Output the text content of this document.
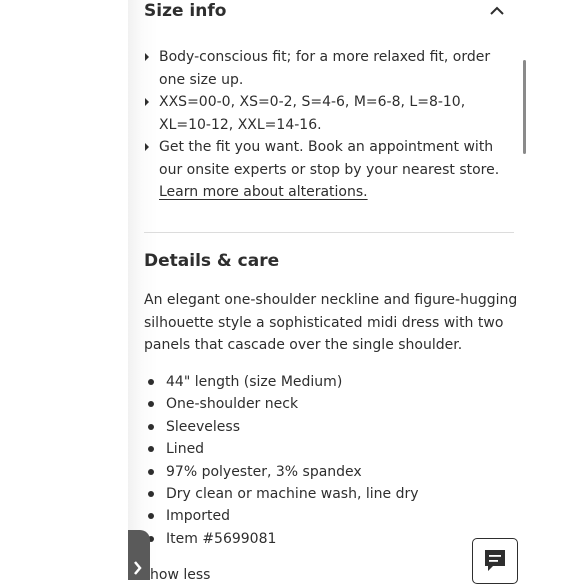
Size info
Body-conscious fit; for a more relaxed fit, order one size up.
XXS=00-0, XS=0-2, S=4-6, M=6-8, L=8-10, XL=10-12, XXL=14-16.
Get the fit you want. Book an appointment with our onsite experts or stop by your nearest store.
Learn more about alterations.
Details & care

An elegant one-shoulder neckline and figure-hugging silhouette style a sophisticated midi dress with two panels that cascade over the single shoulder.

44" length (size Medium)
One-shoulder neck
Sleeveless
Lined
97% polyester, 3% spandex
Dry clean or machine wash, line dry
Imported
Item #5699081
how less
